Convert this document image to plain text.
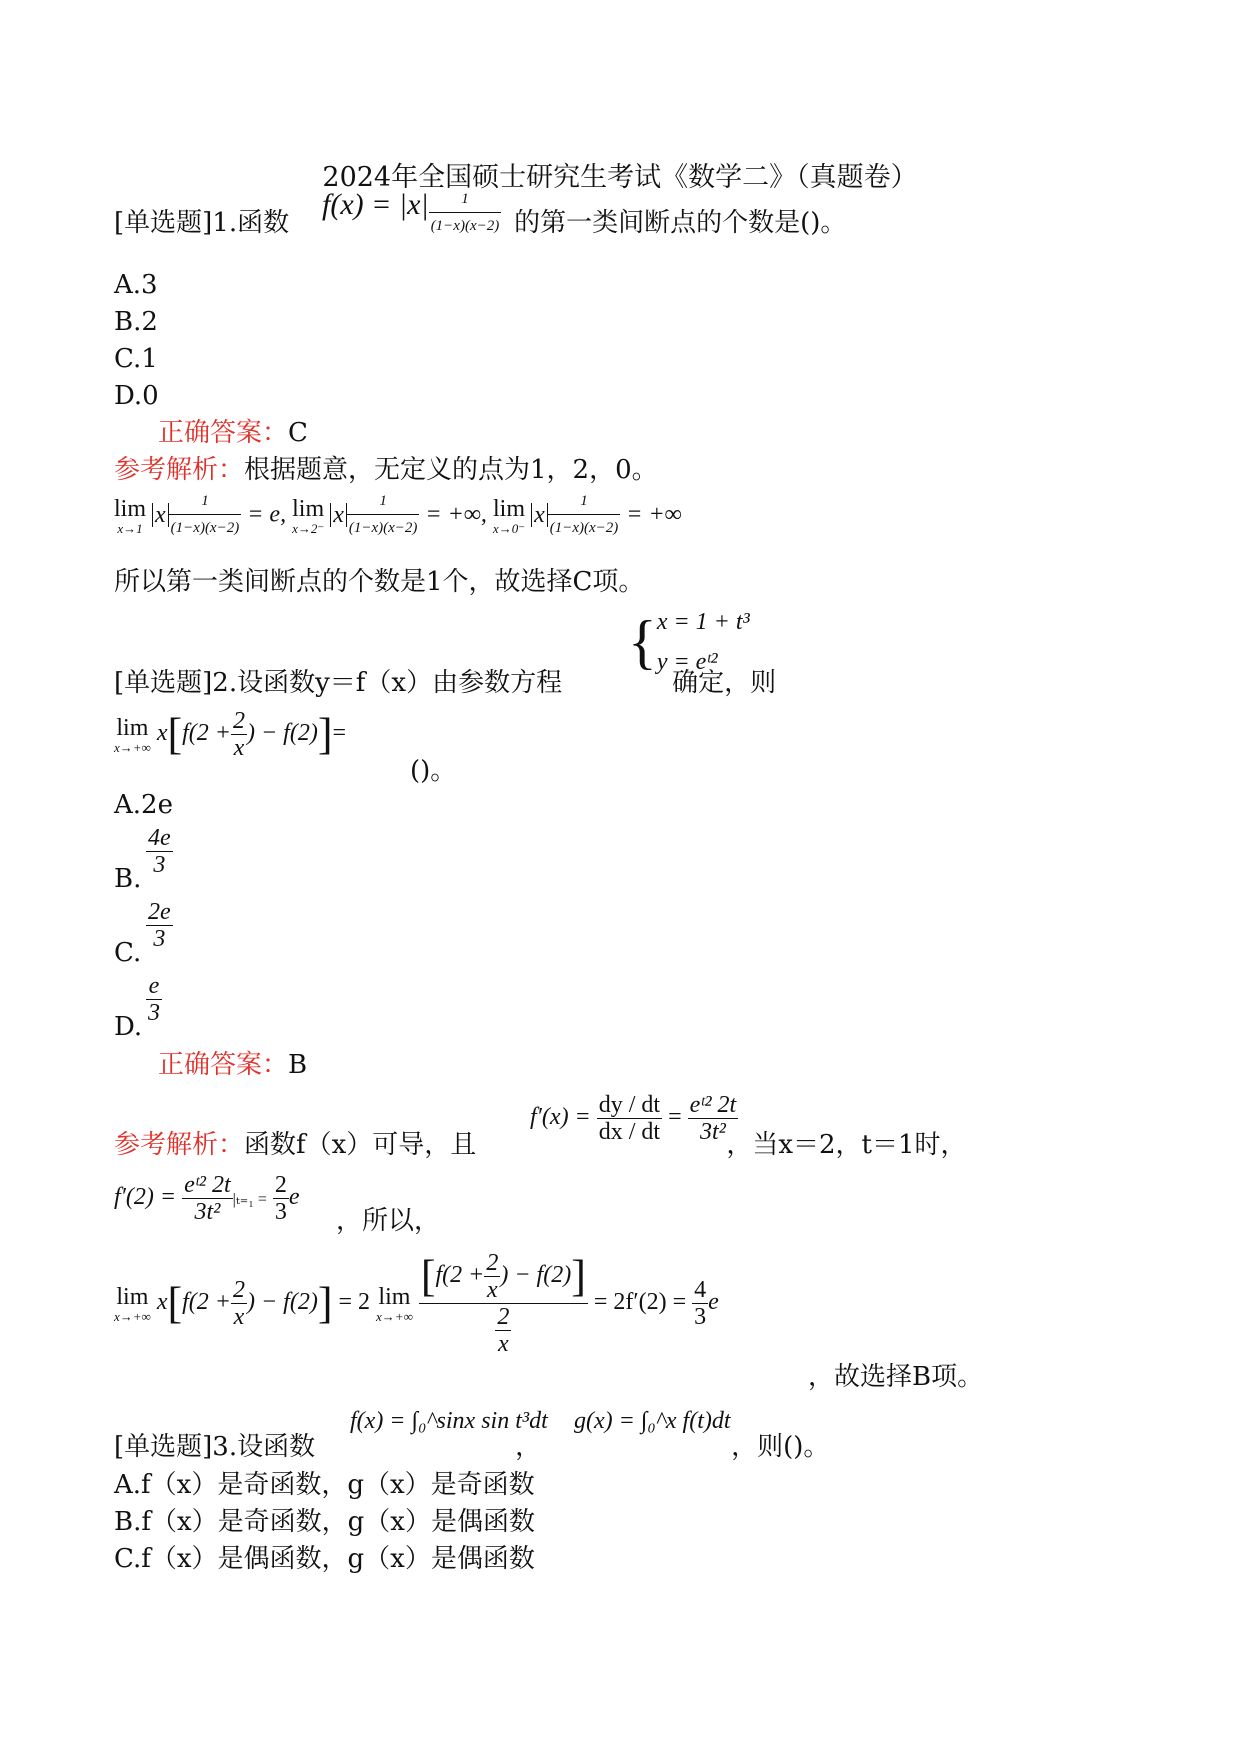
2024年全国硕士研究生考试《数学二》（真题卷）
[单选题]1.函数	的第一类间断点的个数是()。
$f(x) = |x| \frac{1}{(1-x)(x-2)}$
A.3
B.2
C.1
D.0
正确答案：C
参考解析：根据题意，无定义的点为1，2，0。
lim
x→1
x $\frac{1}{(1-x)(x-2)} = e$, lim
x→2⁻
x $\frac{1}{(1-x)(x-2)}$ = +∞, lim
x→0⁻
x $\frac{1}{(1-x)(x-2)}$ = +∞
所以第一类间断点的个数是1个，故选择C项。
{ x = 1 + t³
y = eᵗ²
[单选题]2.设函数y＝f（x）由参数方程	确定，则
lim
x→+∞
$x[f(2 + \frac{2}{x}$ ) − f(2)]=
()。
A.2e
B.
$\frac{4e}{3}$
C.
$\frac{2e}{3}$
D.
$\frac{e}{3}$
正确答案：B
$f'(x) = \frac{dy / dt}{dx / dt} = \frac{\text{eᵗ² 2t}}{\text{3t²}}$
参考解析：函数f（x）可导，且	，当x＝2，t＝1时，
$f'(2) = \frac{\text{eᵗ² 2t}}{\text{3t²}} |_{t=1} = \frac{2}{3}$ e
，所以，
lim
x→+∞
$x[f(2 + \frac{2}{x}$ ) − f(2)] = 2 lim
x→+∞
$\frac{[f(2 + \frac{2}{x} ) - f(2)]}{\frac{2}{x}} = 2f'(2) = \frac{4}{3}$ e
，故选择B项。
f(x) = ∫₀^sinx sin t³dt g(x) = ∫₀^x f(t)dt
[单选题]3.设函数	，	，则()。
A.f（x）是奇函数，g（x）是奇函数
B.f（x）是奇函数，g（x）是偶函数
C.f（x）是偶函数，g（x）是偶函数
